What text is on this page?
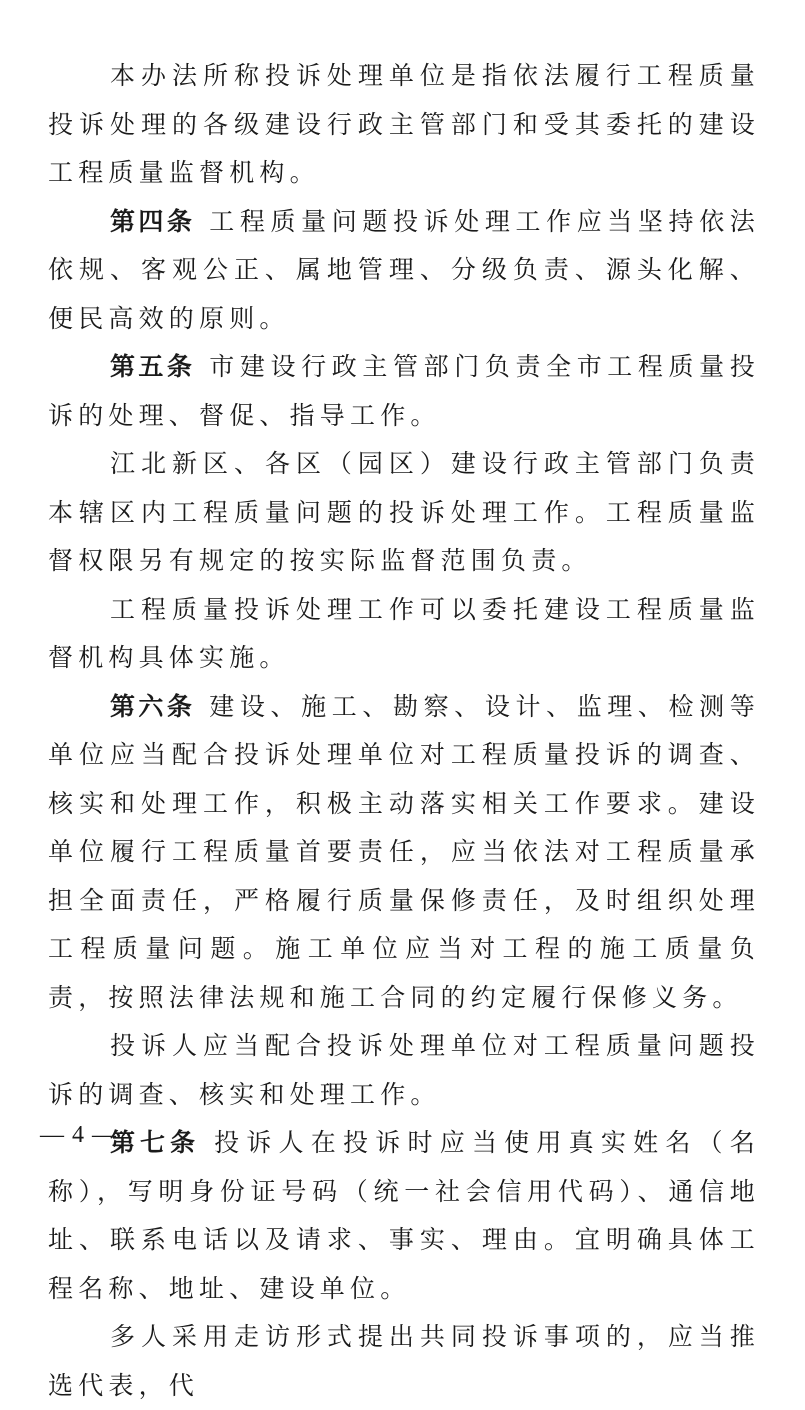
本办法所称投诉处理单位是指依法履行工程质量投诉处理的各级建设行政主管部门和受其委托的建设工程质量监督机构。

第四条 工程质量问题投诉处理工作应当坚持依法依规、客观公正、属地管理、分级负责、源头化解、便民高效的原则。

第五条 市建设行政主管部门负责全市工程质量投诉的处理、督促、指导工作。

江北新区、各区（园区）建设行政主管部门负责本辖区内工程质量问题的投诉处理工作。工程质量监督权限另有规定的按实际监督范围负责。

工程质量投诉处理工作可以委托建设工程质量监督机构具体实施。

第六条 建设、施工、勘察、设计、监理、检测等单位应当配合投诉处理单位对工程质量投诉的调查、核实和处理工作，积极主动落实相关工作要求。建设单位履行工程质量首要责任，应当依法对工程质量承担全面责任，严格履行质量保修责任，及时组织处理工程质量问题。施工单位应当对工程的施工质量负责，按照法律法规和施工合同的约定履行保修义务。

投诉人应当配合投诉处理单位对工程质量问题投诉的调查、核实和处理工作。

第七条 投诉人在投诉时应当使用真实姓名（名称），写明身份证号码（统一社会信用代码）、通信地址、联系电话以及请求、事实、理由。宜明确具体工程名称、地址、建设单位。

多人采用走访形式提出共同投诉事项的，应当推选代表，代

— 4 —
